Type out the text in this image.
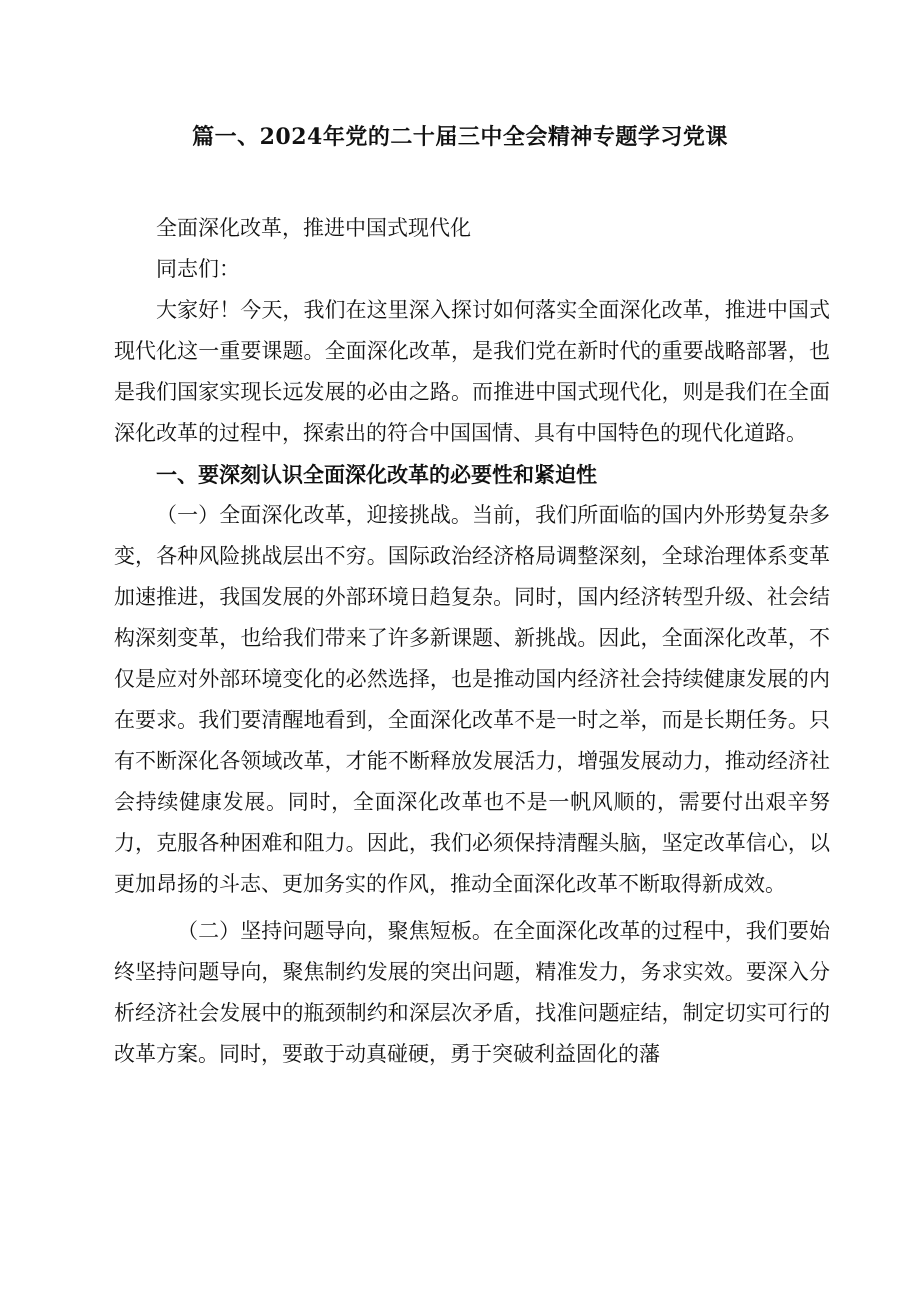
篇一、2024年党的二十届三中全会精神专题学习党课

全面深化改革，推进中国式现代化

同志们：

大家好！今天，我们在这里深入探讨如何落实全面深化改革，推进中国式现代化这一重要课题。全面深化改革，是我们党在新时代的重要战略部署，也是我们国家实现长远发展的必由之路。而推进中国式现代化，则是我们在全面深化改革的过程中，探索出的符合中国国情、具有中国特色的现代化道路。

一、要深刻认识全面深化改革的必要性和紧迫性

（一）全面深化改革，迎接挑战。当前，我们所面临的国内外形势复杂多变，各种风险挑战层出不穷。国际政治经济格局调整深刻，全球治理体系变革加速推进，我国发展的外部环境日趋复杂。同时，国内经济转型升级、社会结构深刻变革，也给我们带来了许多新课题、新挑战。因此，全面深化改革，不仅是应对外部环境变化的必然选择，也是推动国内经济社会持续健康发展的内在要求。我们要清醒地看到，全面深化改革不是一时之举，而是长期任务。只有不断深化各领域改革，才能不断释放发展活力，增强发展动力，推动经济社会持续健康发展。同时，全面深化改革也不是一帆风顺的，需要付出艰辛努力，克服各种困难和阻力。因此，我们必须保持清醒头脑，坚定改革信心，以更加昂扬的斗志、更加务实的作风，推动全面深化改革不断取得新成效。

（二）坚持问题导向，聚焦短板。在全面深化改革的过程中，我们要始终坚持问题导向，聚焦制约发展的突出问题，精准发力，务求实效。要深入分析经济社会发展中的瓶颈制约和深层次矛盾，找准问题症结，制定切实可行的改革方案。同时，要敢于动真碰硬，勇于突破利益固化的藩
